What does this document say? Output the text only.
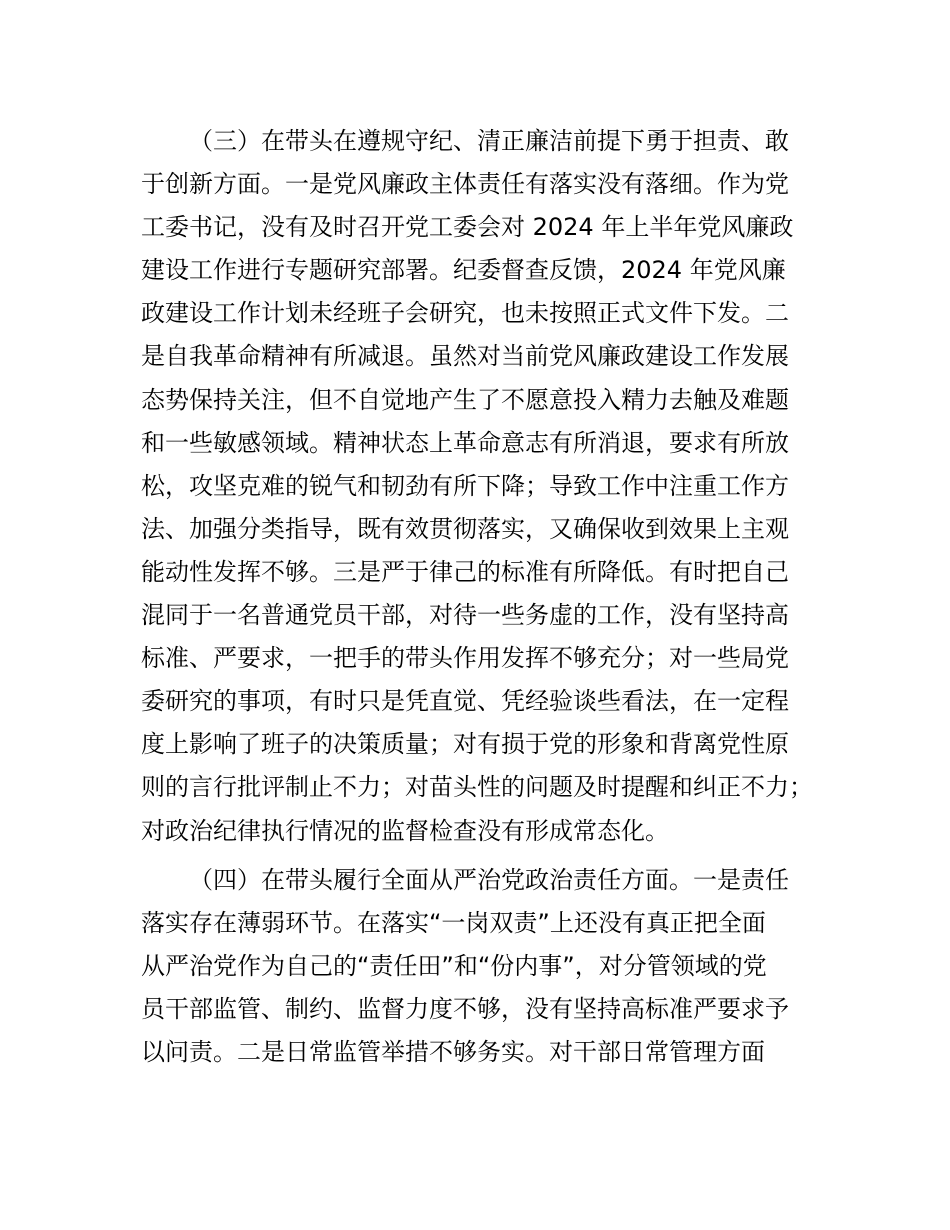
（三）在带头在遵规守纪、清正廉洁前提下勇于担责、敢
于创新方面。一是党风廉政主体责任有落实没有落细。作为党
工委书记，没有及时召开党工委会对 2024 年上半年党风廉政
建设工作进行专题研究部署。纪委督查反馈，2024 年党风廉
政建设工作计划未经班子会研究，也未按照正式文件下发。二
是自我革命精神有所减退。虽然对当前党风廉政建设工作发展
态势保持关注，但不自觉地产生了不愿意投入精力去触及难题
和一些敏感领域。精神状态上革命意志有所消退，要求有所放
松，攻坚克难的锐气和韧劲有所下降；导致工作中注重工作方
法、加强分类指导，既有效贯彻落实，又确保收到效果上主观
能动性发挥不够。三是严于律己的标准有所降低。有时把自己
混同于一名普通党员干部，对待一些务虚的工作，没有坚持高
标准、严要求，一把手的带头作用发挥不够充分；对一些局党
委研究的事项，有时只是凭直觉、凭经验谈些看法，在一定程
度上影响了班子的决策质量；对有损于党的形象和背离党性原
则的言行批评制止不力；对苗头性的问题及时提醒和纠正不力；
对政治纪律执行情况的监督检查没有形成常态化。
（四）在带头履行全面从严治党政治责任方面。一是责任
落实存在薄弱环节。在落实“一岗双责”上还没有真正把全面
从严治党作为自己的“责任田”和“份内事”，对分管领域的党
员干部监管、制约、监督力度不够，没有坚持高标准严要求予
以问责。二是日常监管举措不够务实。对干部日常管理方面
